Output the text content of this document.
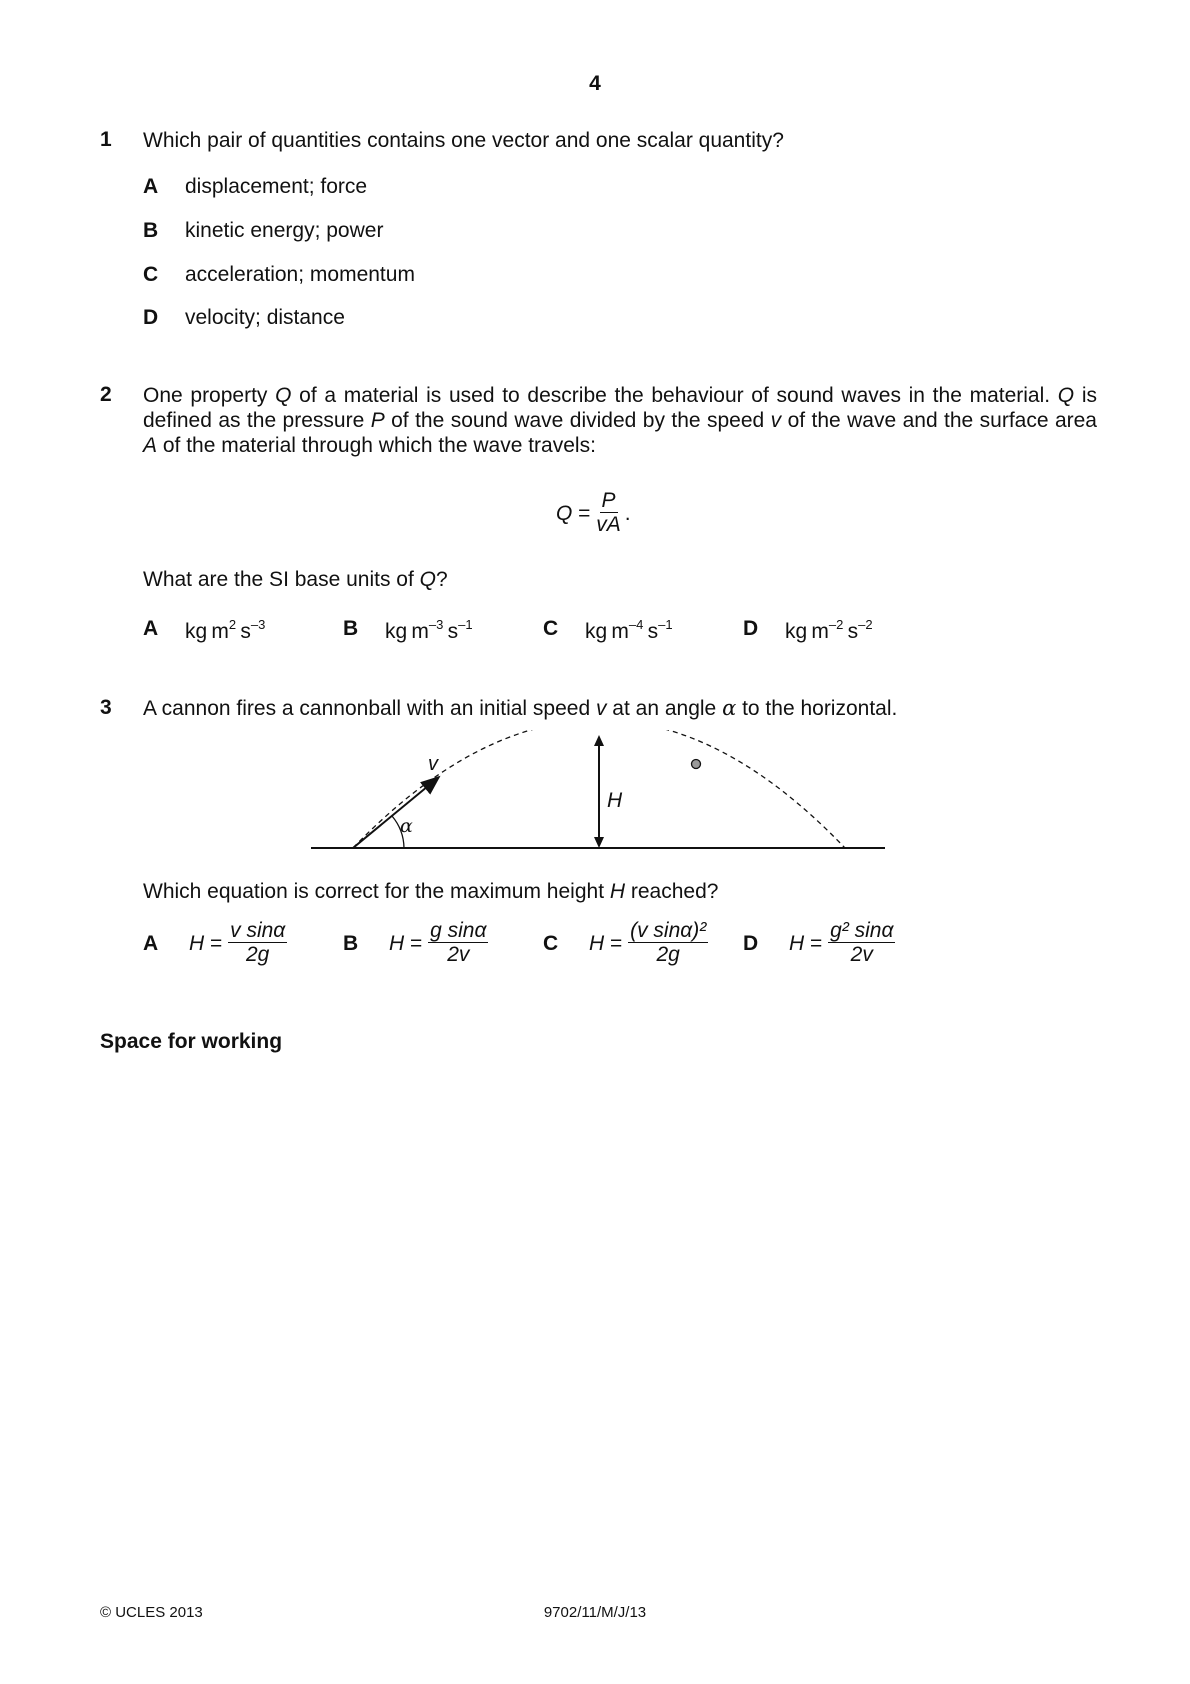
4
1 Which pair of quantities contains one vector and one scalar quantity?
A displacement; force
B kinetic energy; power
C acceleration; momentum
D velocity; distance
2 One property Q of a material is used to describe the behaviour of sound waves in the material. Q is defined as the pressure P of the sound wave divided by the speed v of the wave and the surface area A of the material through which the wave travels:
$Q = \frac{P}{vA}$ .
What are the SI base units of Q?
A kg  $m^2$  $s^{-3}$	B kg  $m^{-3}$  $s^{-1}$	C kg  $m^{-4}$  $s^{-1}$	D kg  $m^{-2}$  $s^{-2}$
3 A cannon fires a cannonball with an initial speed v at an angle α to the horizontal.
v
α
H
Which equation is correct for the maximum height H reached?
A	$H = \frac{\text{v sinα}}{2g}$	B	$H = \frac{\text{g sinα}}{2v}$	C	$H = \frac{\text{(v sinα)²}}{2g}$ D	$H = \frac{\text{g² sinα}}{2v}$
Space for working
© UCLES 2013	9702/11/M/J/13
